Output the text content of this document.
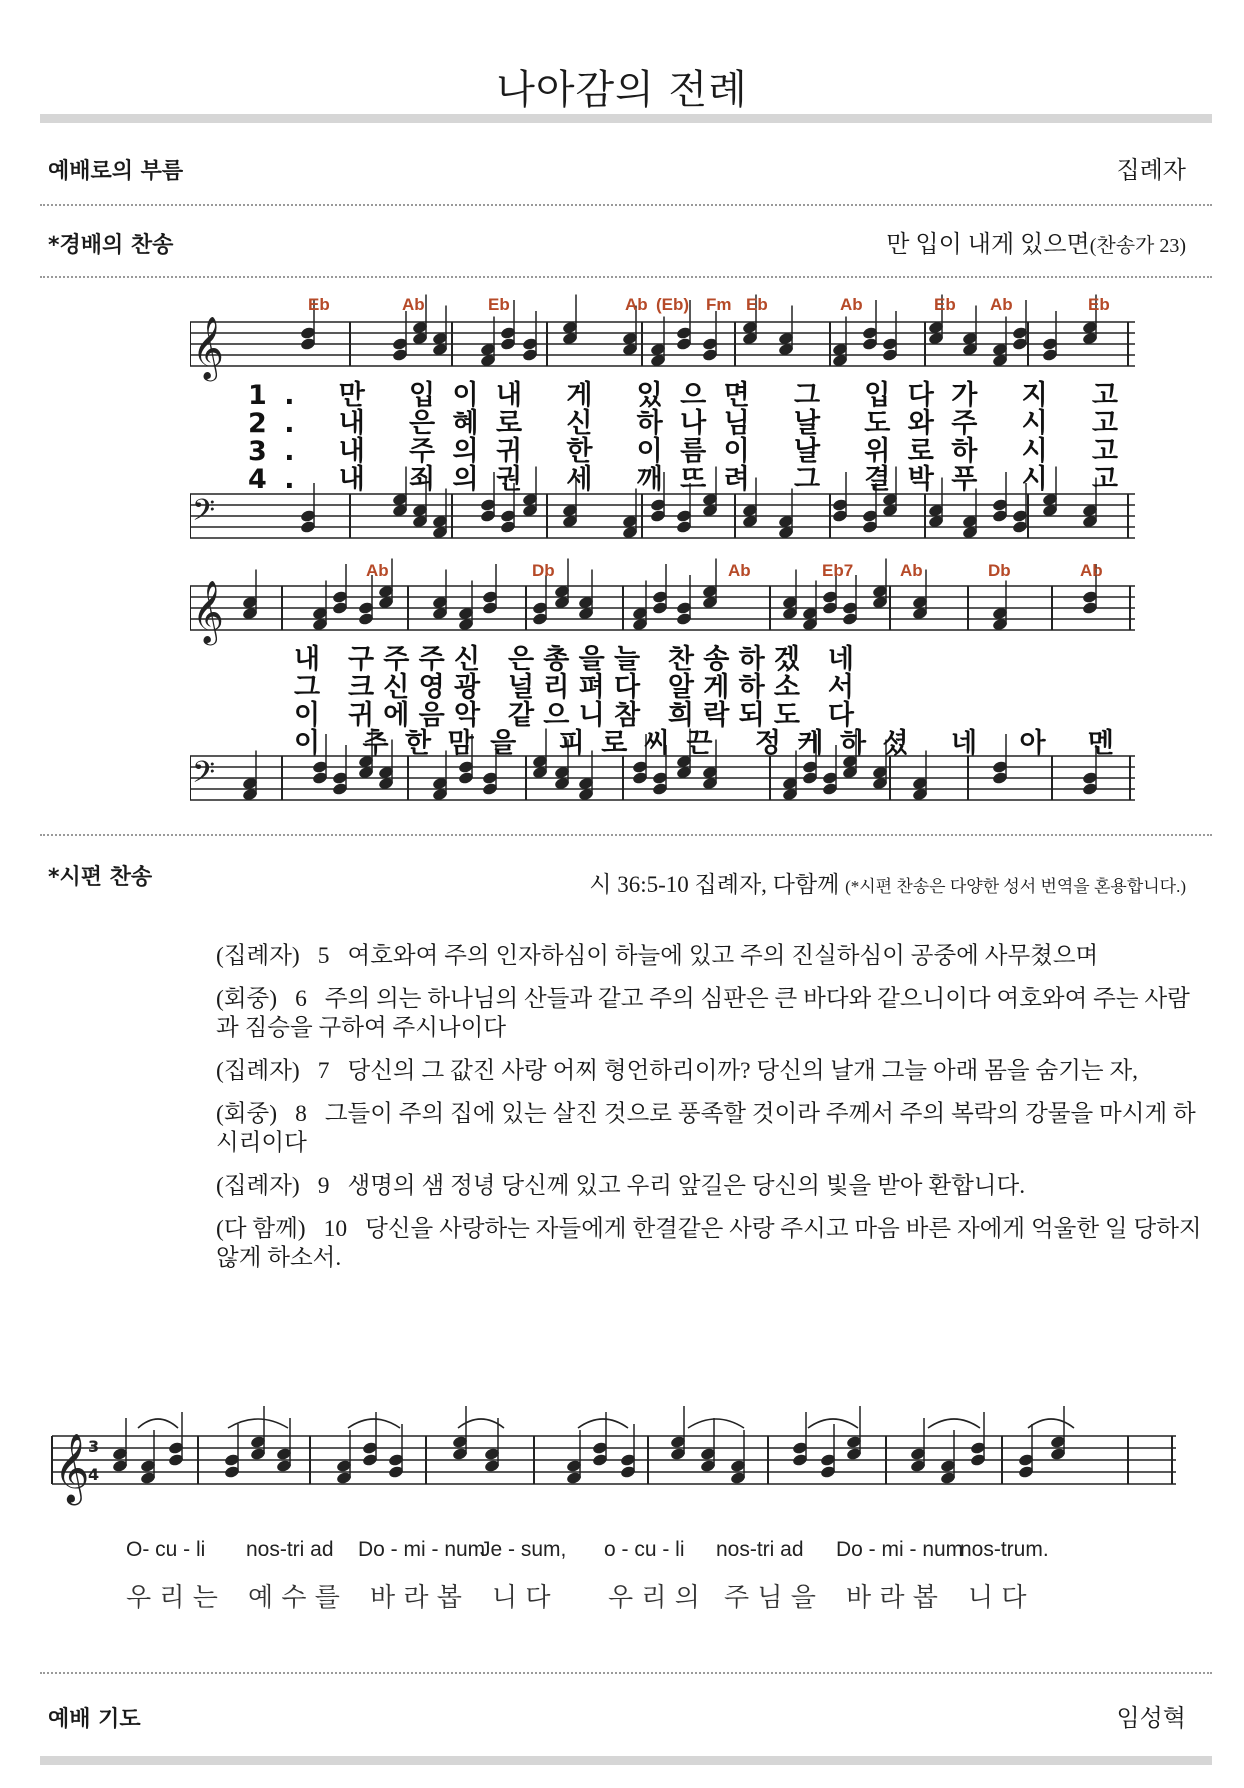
나아감의 전례
예배로의 부름	집례자
*경배의 찬송	만 입이 내게 있으면(찬송가 23)
𝄞
𝄢
𝄞
𝄢
Eb	Ab	Eb	Ab (Eb) Fm Eb	Ab	Eb Ab	Eb
1. 만 입이내 게 있으면 그 입다가 지 고
2. 내 은혜로 신 하나님 날 도와주 시 고
3. 내 주의귀 한 이름이 날 위로하 시 고
4. 내 죄의권 세 깨뜨려 그 결박푸 시 고
Ab	Db	Ab	Eb7	Ab	Db	Ab
내 구주주신 은총을늘 찬송하겠 네
그 크신영광 널리펴다 알게하소 서
이 귀에음악 같으니참 희락되도 다
이 추한맘을 피로씨끈 정케하셨 네 아 멘
*시편 찬송	시 36:5-10 집례자, 다함께 (*시편 찬송은 다양한 성서 번역을 혼용합니다.)
(집례자) 5 여호와여 주의 인자하심이 하늘에 있고 주의 진실하심이 공중에 사무쳤으며
(회중) 6 주의 의는 하나님의 산들과 같고 주의 심판은 큰 바다와 같으니이다 여호와여 주는 사람과 짐승을 구하여 주시나이다
(집례자) 7 당신의 그 값진 사랑 어찌 형언하리이까? 당신의 날개 그늘 아래 몸을 숨기는 자,
(회중) 8 그들이 주의 집에 있는 살진 것으로 풍족할 것이라 주께서 주의 복락의 강물을 마시게 하시리이다
(집례자) 9 생명의 샘 정녕 당신께 있고 우리 앞길은 당신의 빛을 받아 환합니다.
(다 함께) 10 당신을 사랑하는 자들에게 한결같은 사랑 주시고 마음 바른 자에게 억울한 일 당하지 않게 하소서.
𝄞
3
4
O- cu - li nos-tri ad Do - mi - num
Je - sum, o - cu - li nos-tri ad Do - mi - num
nos-trum.
우 리 는 예 수 를 바 라 봅 니 다 우 리 의 주 님 을 바 라 봅 니 다
예배 기도	임성혁
